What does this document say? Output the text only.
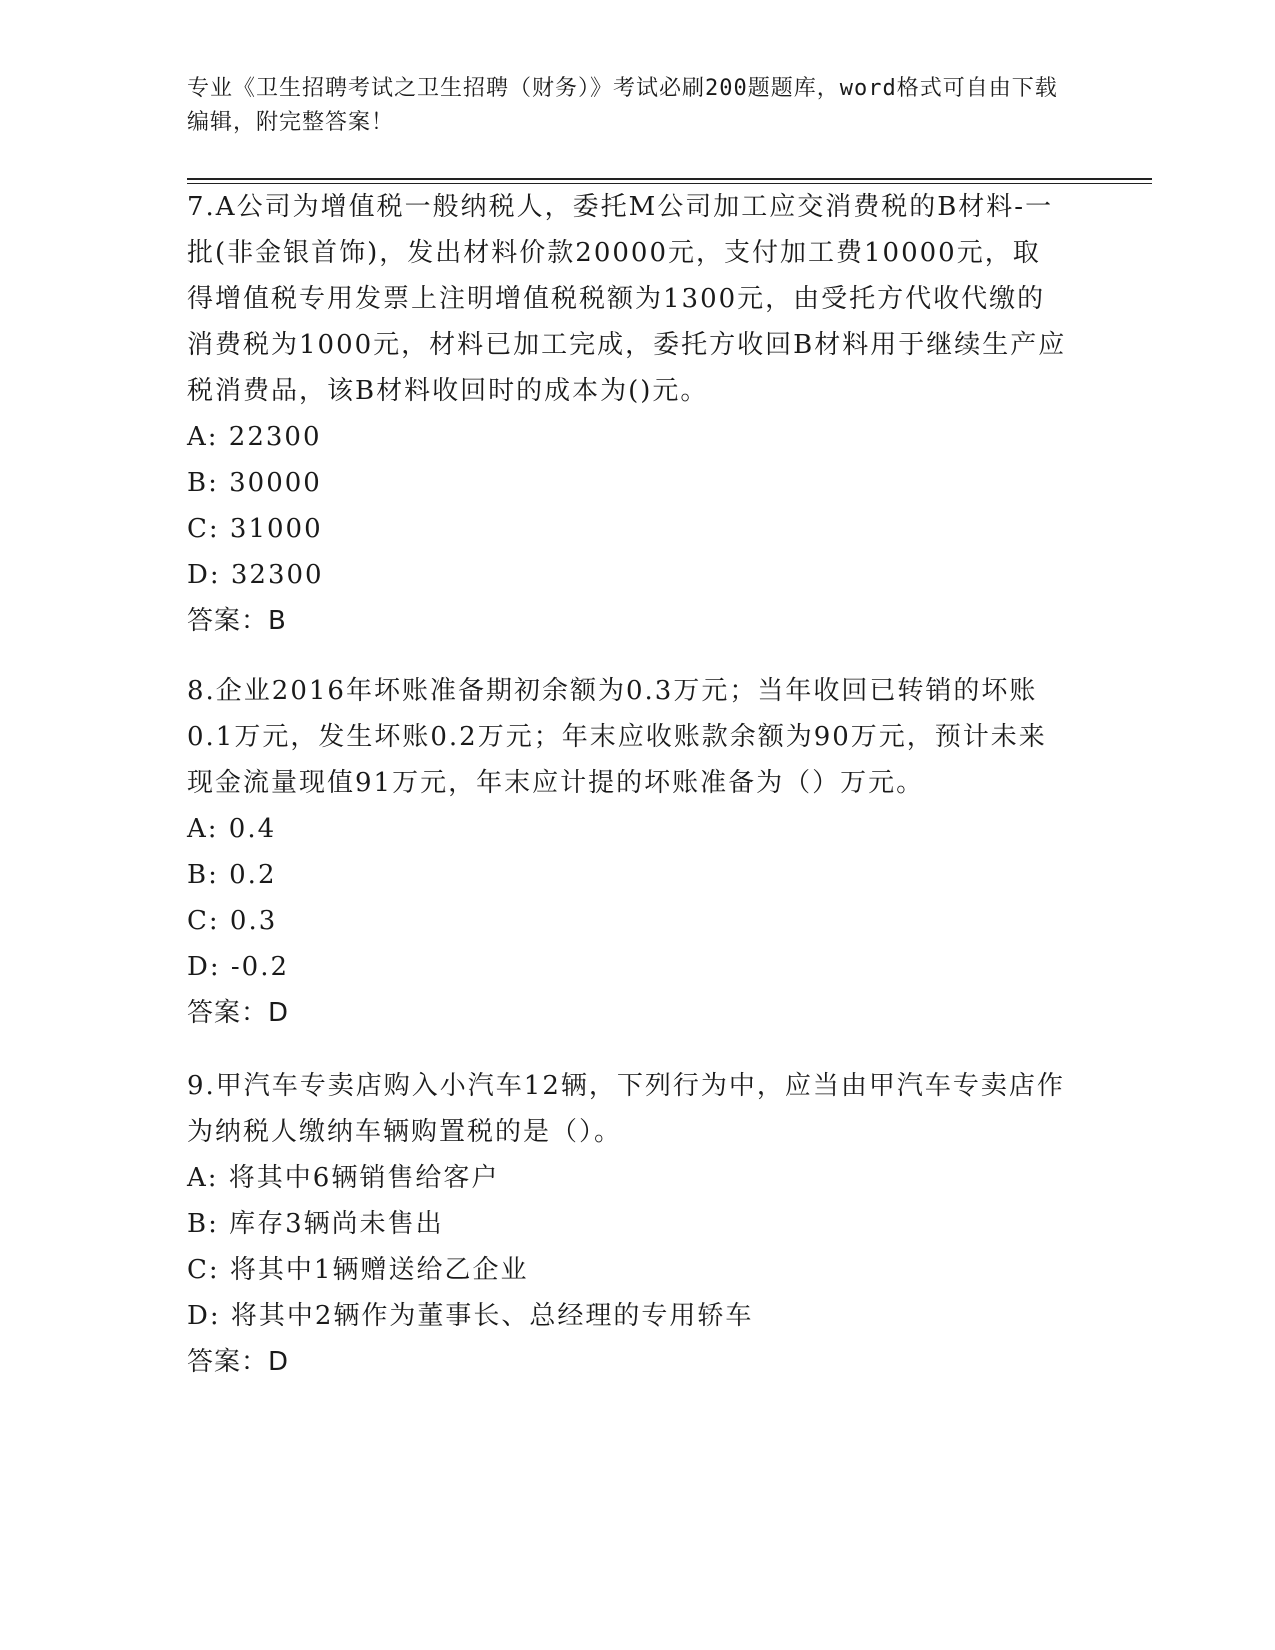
专业《卫生招聘考试之卫生招聘（财务）》考试必刷200题题库，word格式可自由下载编辑，附完整答案！

7.A公司为增值税一般纳税人，委托M公司加工应交消费税的B材料-一批(非金银首饰)，发出材料价款20000元，支付加工费10000元，取得增值税专用发票上注明增值税税额为1300元，由受托方代收代缴的消费税为1000元，材料已加工完成，委托方收回B材料用于继续生产应税消费品，该B材料收回时的成本为()元。

A: 22300

B: 30000

C: 31000

D: 32300

答案：B

8.企业2016年坏账准备期初余额为0.3万元；当年收回已转销的坏账0.1万元，发生坏账0.2万元；年末应收账款余额为90万元，预计未来现金流量现值91万元，年末应计提的坏账准备为（）万元。

A: 0.4

B: 0.2

C: 0.3

D: -0.2

答案：D

9.甲汽车专卖店购入小汽车12辆，下列行为中，应当由甲汽车专卖店作为纳税人缴纳车辆购置税的是（）。

A: 将其中6辆销售给客户

B: 库存3辆尚未售出

C: 将其中1辆赠送给乙企业

D: 将其中2辆作为董事长、总经理的专用轿车

答案：D
